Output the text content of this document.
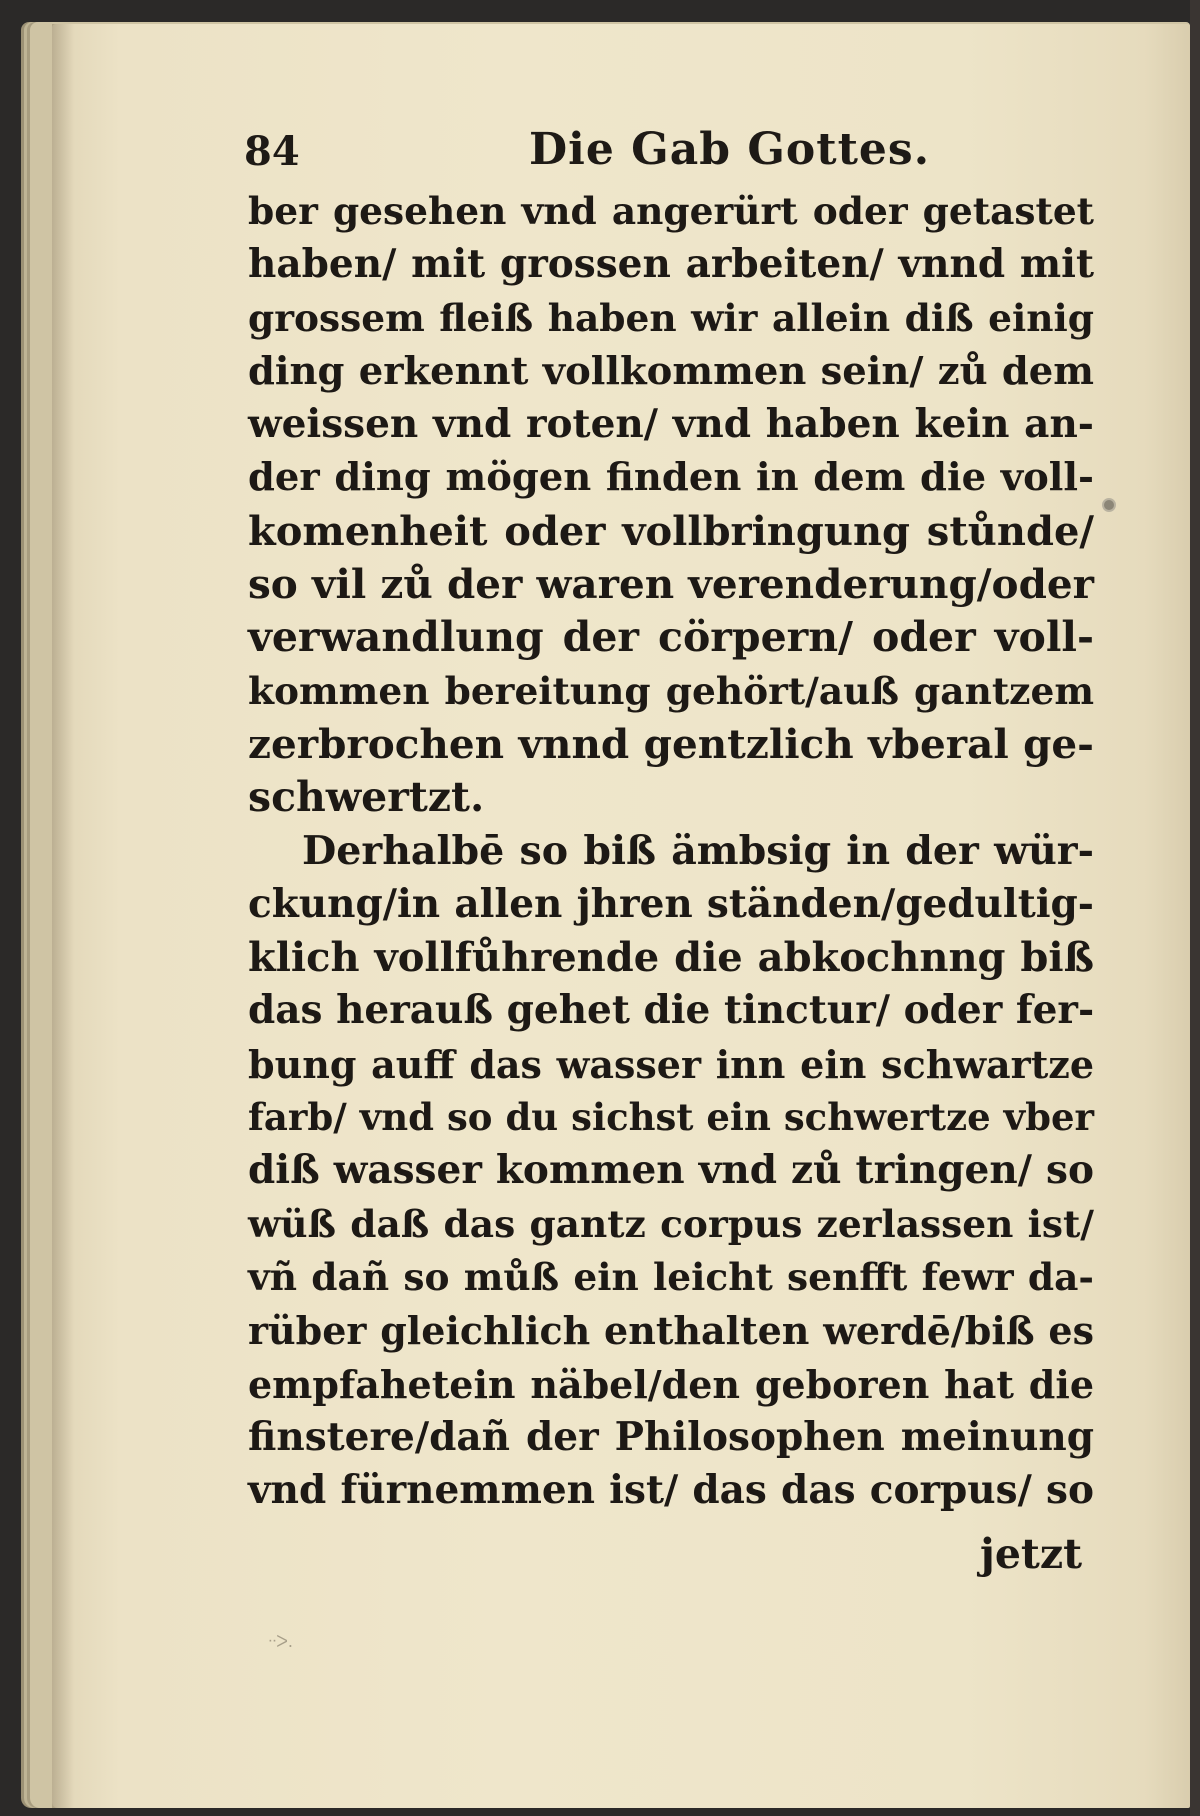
84	Die Gab Gottes.
ber gesehen vnd angerürt oder getastet
haben/ mit grossen arbeiten/ vnnd mit
grossem fleiß haben wir allein diß einig
ding erkennt vollkommen sein/ zů dem
weissen vnd roten/ vnd haben kein an-
der ding mögen finden in dem die voll-
komenheit oder vollbringung stůnde/
so vil zů der waren verenderung/oder
verwandlung der cörpern/ oder voll-
kommen bereitung gehört/auß gantzem
zerbrochen vnnd gentzlich vberal ge-
schwertzt.
Derhalbē so biß ämbsig in der wür-
ckung/in allen jhren ständen/gedultig-
klich vollfůhrende die abkochnng biß
das herauß gehet die tinctur/ oder fer-
bung auff das wasser inn ein schwartze
farb/ vnd so du sichst ein schwertze vber
diß wasser kommen vnd zů tringen/ so
wüß daß das gantz corpus zerlassen ist/
vñ dañ so můß ein leicht senfft fewr da-
rüber gleichlich enthalten werdē/biß es
empfahetein näbel/den geboren hat die
finstere/dañ der Philosophen meinung
vnd fürnemmen ist/ das das corpus/ so
jetzt
ᐧᐧᐳ.
